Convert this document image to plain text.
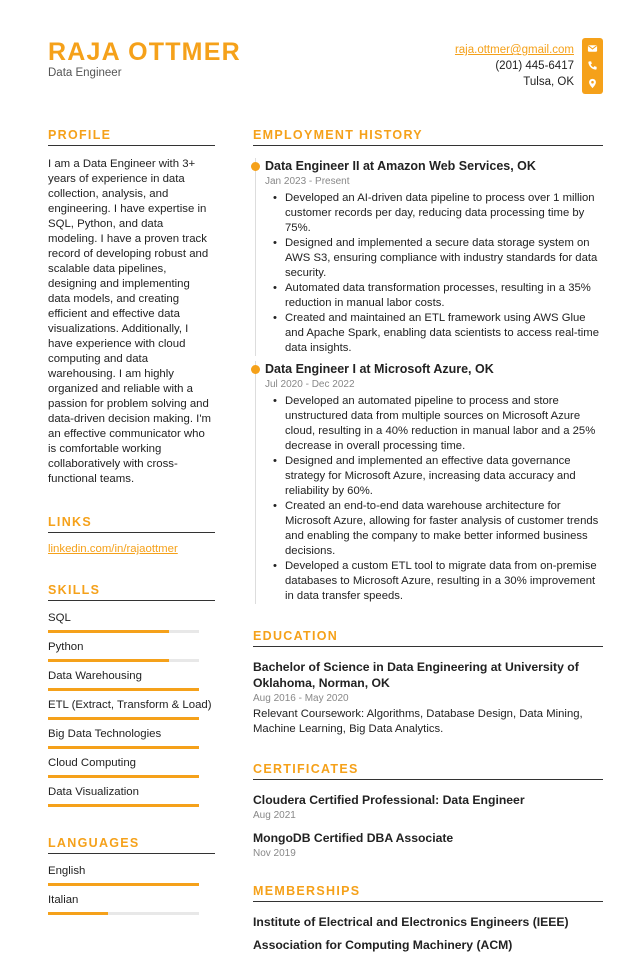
RAJA OTTMER
Data Engineer
raja.ottmer@gmail.com
(201) 445-6417
Tulsa, OK
PROFILE
I am a Data Engineer with 3+ years of experience in data collection, analysis, and engineering. I have expertise in SQL, Python, and data modeling. I have a proven track record of developing robust and scalable data pipelines, designing and implementing data models, and creating efficient and effective data visualizations. Additionally, I have experience with cloud computing and data warehousing. I am highly organized and reliable with a passion for problem solving and data-driven decision making. I'm an effective communicator who is comfortable working collaboratively with cross-functional teams.
LINKS
linkedin.com/in/rajaottmer
SKILLS
SQL
Python
Data Warehousing
ETL (Extract, Transform & Load)
Big Data Technologies
Cloud Computing
Data Visualization
LANGUAGES
English
Italian
EMPLOYMENT HISTORY
Data Engineer II at Amazon Web Services, OK
Jan 2023 - Present
• Developed an AI-driven data pipeline to process over 1 million customer records per day, reducing data processing time by 75%.
• Designed and implemented a secure data storage system on AWS S3, ensuring compliance with industry standards for data security.
• Automated data transformation processes, resulting in a 35% reduction in manual labor costs.
• Created and maintained an ETL framework using AWS Glue and Apache Spark, enabling data scientists to access real-time data insights.
Data Engineer I at Microsoft Azure, OK
Jul 2020 - Dec 2022
• Developed an automated pipeline to process and store unstructured data from multiple sources on Microsoft Azure cloud, resulting in a 40% reduction in manual labor and a 25% decrease in overall processing time.
• Designed and implemented an effective data governance strategy for Microsoft Azure, increasing data accuracy and reliability by 60%.
• Created an end-to-end data warehouse architecture for Microsoft Azure, allowing for faster analysis of customer trends and enabling the company to make better informed business decisions.
• Developed a custom ETL tool to migrate data from on-premise databases to Microsoft Azure, resulting in a 30% improvement in data transfer speeds.
EDUCATION
Bachelor of Science in Data Engineering at University of Oklahoma, Norman, OK
Aug 2016 - May 2020
Relevant Coursework: Algorithms, Database Design, Data Mining, Machine Learning, Big Data Analytics.
CERTIFICATES
Cloudera Certified Professional: Data Engineer
Aug 2021
MongoDB Certified DBA Associate
Nov 2019
MEMBERSHIPS
Institute of Electrical and Electronics Engineers (IEEE)
Association for Computing Machinery (ACM)
